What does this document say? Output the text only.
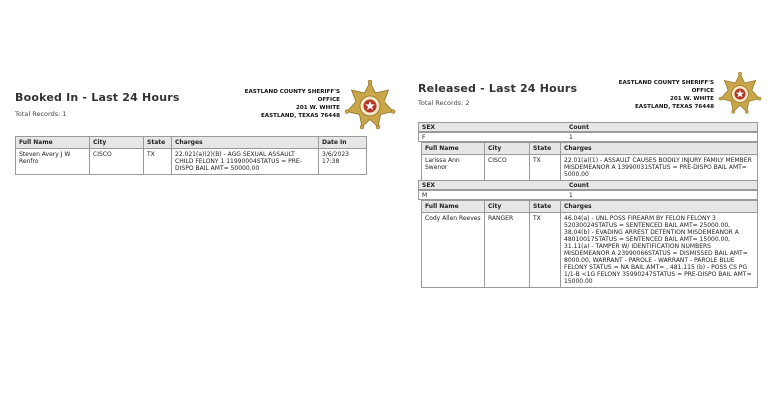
Booked In - Last 24 Hours
Total Records: 1
EASTLAND COUNTY SHERIFF'S
OFFICE
201 W. WHITE
EASTLAND, TEXAS 76448
Full Name	City	State	Charges	Date In
Steven Avery J W Renfro	CISCO	TX	22.021(a)(2)(B) - AGG SEXUAL ASSAULT CHILD FELONY 1 11990004STATUS = PRE-DISPO BAIL AMT= 50000.00	3/6/2023 17:38
Released - Last 24 Hours
Total Records: 2
EASTLAND COUNTY SHERIFF'S
OFFICE
201 W. WHITE
EASTLAND, TEXAS 76448
SEX	Count
F	1
Full Name	City	State	Charges
Larissa Ann Swenor	CISCO	TX	22.01(a)(1) - ASSAULT CAUSES BODILY INJURY FAMILY MEMBER MISDEMEANOR A 13990031STATUS = PRE-DISPO BAIL AMT= 5000.00
SEX	Count
M	1
Full Name	City	State	Charges
Cody Allen Reeves	RANGER	TX	46.04(a) - UNL POSS FIREARM BY FELON FELONY 3 52030024STATUS = SENTENCED BAIL AMT= 25000.00, 38.04(b) - EVADING ARREST DETENTION MISDEMEANOR A 48010017STATUS = SENTENCED BAIL AMT= 15000.00, 31.11(a) - TAMPER W/ IDENTIFICATION NUMBERS MISDEMEANOR A 23990066STATUS = DISMISSED BAIL AMT= 8000.00, WARRANT - PAROLE - WARRANT - PAROLE BLUE FELONY STATUS = NA BAIL AMT= , 481.115 (b) - POSS CS PG 1/1-B <1G FELONY 35990247STATUS = PRE-DISPO BAIL AMT= 15000.00
